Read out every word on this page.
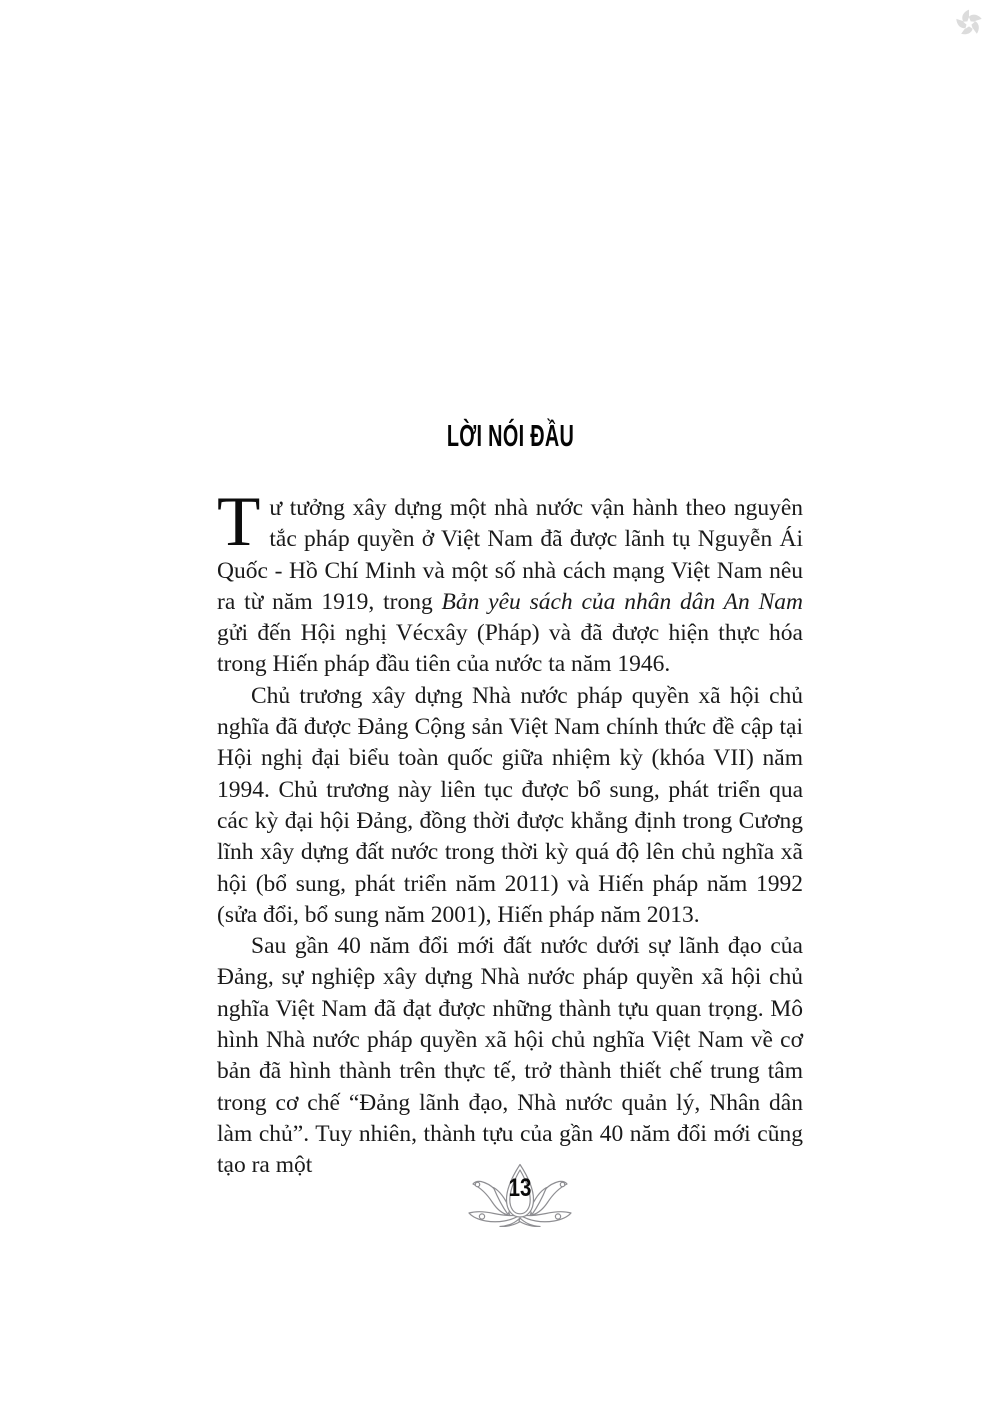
LỜI NÓI ĐẦU

Tư tưởng xây dựng một nhà nước vận hành theo nguyên tắc pháp quyền ở Việt Nam đã được lãnh tụ Nguyễn Ái Quốc - Hồ Chí Minh và một số nhà cách mạng Việt Nam nêu ra từ năm 1919, trong Bản yêu sách của nhân dân An Nam gửi đến Hội nghị Vécxây (Pháp) và đã được hiện thực hóa trong Hiến pháp đầu tiên của nước ta năm 1946.

Chủ trương xây dựng Nhà nước pháp quyền xã hội chủ nghĩa đã được Đảng Cộng sản Việt Nam chính thức đề cập tại Hội nghị đại biểu toàn quốc giữa nhiệm kỳ (khóa VII) năm 1994. Chủ trương này liên tục được bổ sung, phát triển qua các kỳ đại hội Đảng, đồng thời được khẳng định trong Cương lĩnh xây dựng đất nước trong thời kỳ quá độ lên chủ nghĩa xã hội (bổ sung, phát triển năm 2011) và Hiến pháp năm 1992 (sửa đổi, bổ sung năm 2001), Hiến pháp năm 2013.

Sau gần 40 năm đổi mới đất nước dưới sự lãnh đạo của Đảng, sự nghiệp xây dựng Nhà nước pháp quyền xã hội chủ nghĩa Việt Nam đã đạt được những thành tựu quan trọng. Mô hình Nhà nước pháp quyền xã hội chủ nghĩa Việt Nam về cơ bản đã hình thành trên thực tế, trở thành thiết chế trung tâm trong cơ chế “Đảng lãnh đạo, Nhà nước quản lý, Nhân dân làm chủ”. Tuy nhiên, thành tựu của gần 40 năm đổi mới cũng tạo ra một

13
